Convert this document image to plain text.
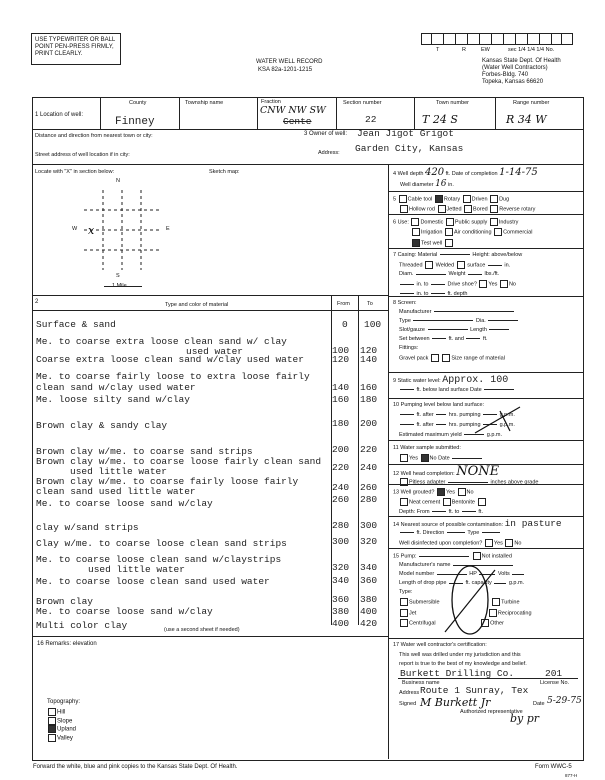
USE TYPEWRITER OR BALL
POINT PEN-PRESS FIRMLY,
PRINT CLEARLY.
WATER WELL RECORD
KSA 82a-1201-1215
T	R	EW	sec 1/4 1/4 1/4 No.
Kansas State Dept. Of Health
(Water Well Contractors)
Forbes-Bldg. 740
Topeka, Kansas 66620
1 Location of well:
County
Finney
Township name	Fraction
CNW NW SW
Cente
Section number
22
Town number
T 24 S
Range number
R 34 W
Distance and direction from nearest town or city:
Street address of well location if in city:
3 Owner of well: Jean Jigot Grigot
Address: Garden City, Kansas
Locate with "X" in section below:	Sketch map:
N
W	E
S
1 Mile
x
2	Type and color of material	From	To
Surface & sand	0 100
Me. to coarse extra loose clean sand w/ clay
used water	100 120
Coarse extra loose clean sand w/clay used water	120 140
Me. to coarse fairly loose to extra loose fairly
clean sand w/clay used water	140 160
Me. loose silty sand w/clay	160 180
Brown clay & sandy clay	180 200
Brown clay w/me. to coarse sand strips	200 220
Brown clay w/me. to coarse loose fairly clean sand
220 240
used little water
Brown clay w/me. to coarse fairly loose fairly
240 260
clean sand used little water
Me. to coarse loose sand w/clay	260 280
clay w/sand strips	280 300
Clay w/me. to coarse loose clean sand strips	300 320
Me. to coarse loose clean sand w/claystrips
used little water	320 340
Me. to coarse loose clean sand used water	340 360
Brown clay	360 380
Me. to coarse loose sand w/clay	380 400
Multi color clay	400 420
(use a second sheet if needed)
16 Remarks: elevation
Topography:
Hill
Slope
Upland
Valley
4 Well depth 420 ft. Date of completion 1-14-75
Well diameter 16 in.
5 Cable tool Rotary Driven Dug
Hollow rod Jetted Bored Reverse rotary
6 Use: Domestic Public supply Industry
Irrigation Air conditioning Commercial
Test well
7 Casing: Material	Height: above/below
Threaded Welded surface	in.
Diam.	Weight	lbs./ft.
in. to	Drive shoe? Yes No
in. to	ft. depth
8 Screen:
Manufacturer
Type	Dia.
Slot/gauze	Length
Set between	ft. and	ft.
Fittings:
Gravel pack	Size range of material
9 Static water level: Approx. 100
ft. below land surface Date
10 Pumping level below land surface:
ft. after	hrs. pumping	g.p.m.
ft. after	hrs. pumping	g.p.m.
Estimated maximum yield	g.p.m.
11 Water sample submitted:
Yes No Date
12 Well head completion: NONE
Pitless adapter	inches above grade
13 Well grouted? Yes No
Neat cement Bentonite
Depth: From	ft. to	ft.
14 Nearest source of possible contamination: in pasture
ft. Direction	Type
Well disinfected upon completion? Yes No
15 Pump:	Not installed
Manufacturer's name
Model number	HP	Volts
Length of drop pipe	ft. capacity	g.p.m.
Type:
Submersible	Turbine
Jet	Reciprocating
Centrifugal	Other
17 Water well contractor's certification:
This well was drilled under my jurisdiction and this
report is true to the best of my knowledge and belief.
Burkett Drilling Co.	201
Business name	License No.
Address Route 1 Sunray, Tex
Signed M Burkett Jr	Date 5-29-75
Authorized representative
by pr
Forward the white, blue and pink copies to the Kansas State Dept. Of Health.	Form WWC-5
877-H
